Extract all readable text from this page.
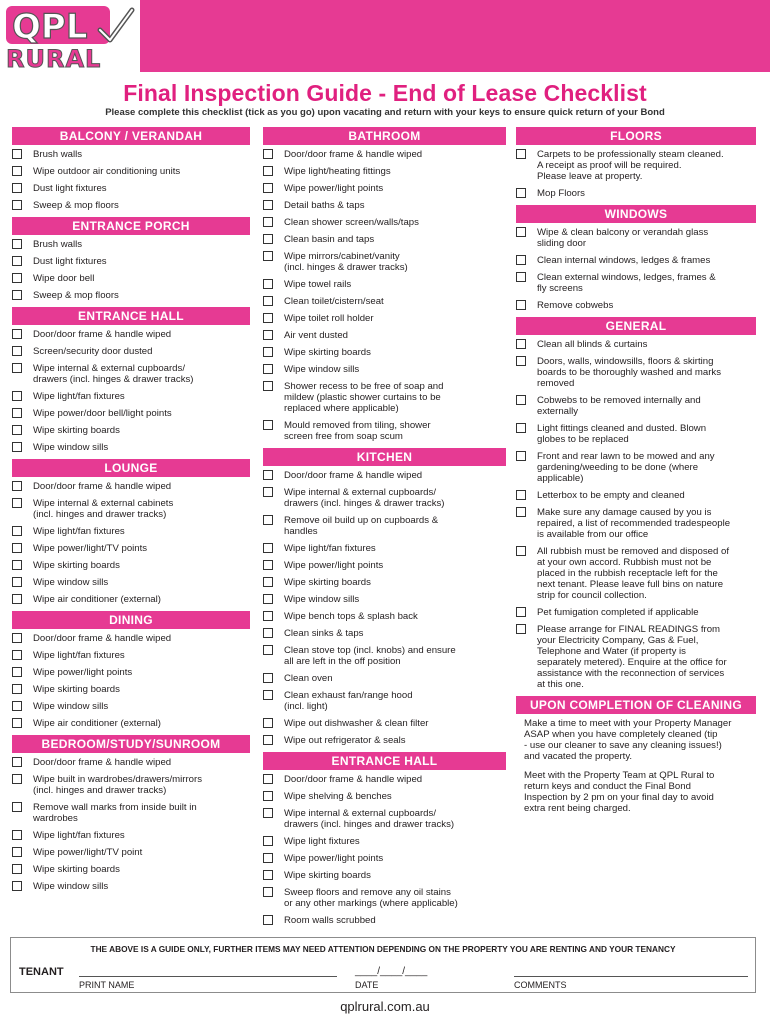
QPL
RURAL
Final Inspection Guide - End of Lease Checklist
Please complete this checklist (tick as you go) upon vacating and return with your keys to ensure quick return of your Bond
BALCONY / VERANDAH
Brush walls
Wipe outdoor air conditioning units
Dust light fixtures
Sweep & mop floors
ENTRANCE PORCH
Brush walls
Dust light fixtures
Wipe door bell
Sweep & mop floors
ENTRANCE HALL
Door/door frame & handle wiped
Screen/security door dusted
Wipe internal & external cupboards/
drawers (incl. hinges & drawer tracks)
Wipe light/fan fixtures
Wipe power/door bell/light points
Wipe skirting boards
Wipe window sills
LOUNGE
Door/door frame & handle wiped
Wipe internal & external cabinets
(incl. hinges and drawer tracks)
Wipe light/fan fixtures
Wipe power/light/TV points
Wipe skirting boards
Wipe window sills
Wipe air conditioner (external)
DINING
Door/door frame & handle wiped
Wipe light/fan fixtures
Wipe power/light points
Wipe skirting boards
Wipe window sills
Wipe air conditioner (external)
BEDROOM/STUDY/SUNROOM
Door/door frame & handle wiped
Wipe built in wardrobes/drawers/mirrors
(incl. hinges and drawer tracks)
Remove wall marks from inside built in
wardrobes
Wipe light/fan fixtures
Wipe power/light/TV point
Wipe skirting boards
Wipe window sills
BATHROOM
Door/door frame & handle wiped
Wipe light/heating fittings
Wipe power/light points
Detail baths & taps
Clean shower screen/walls/taps
Clean basin and taps
Wipe mirrors/cabinet/vanity
(incl. hinges & drawer tracks)
Wipe towel rails
Clean toilet/cistern/seat
Wipe toilet roll holder
Air vent dusted
Wipe skirting boards
Wipe window sills
Shower recess to be free of soap and
mildew (plastic shower curtains to be
replaced where applicable)
Mould removed from tiling, shower
screen free from soap scum
KITCHEN
Door/door frame & handle wiped
Wipe internal & external cupboards/
drawers (incl. hinges & drawer tracks)
Remove oil build up on cupboards &
handles
Wipe light/fan fixtures
Wipe power/light points
Wipe skirting boards
Wipe window sills
Wipe bench tops & splash back
Clean sinks & taps
Clean stove top (incl. knobs) and ensure
all are left in the off position
Clean oven
Clean exhaust fan/range hood
(incl. light)
Wipe out dishwasher & clean filter
Wipe out refrigerator & seals
ENTRANCE HALL
Door/door frame & handle wiped
Wipe shelving & benches
Wipe internal & external cupboards/
drawers (incl. hinges and drawer tracks)
Wipe light fixtures
Wipe power/light points
Wipe skirting boards
Sweep floors and remove any oil stains
or any other markings (where applicable)
Room walls scrubbed
FLOORS
Carpets to be professionally steam cleaned.
A receipt as proof will be required.
Please leave at property.
Mop Floors
WINDOWS
Wipe & clean balcony or verandah glass
sliding door
Clean internal windows, ledges & frames
Clean external windows, ledges, frames &
fly screens
Remove cobwebs
GENERAL
Clean all blinds & curtains
Doors, walls, windowsills, floors & skirting
boards to be thoroughly washed and marks
removed
Cobwebs to be removed internally and
externally
Light fittings cleaned and dusted. Blown
globes to be replaced
Front and rear lawn to be mowed and any
gardening/weeding to be done (where
applicable)
Letterbox to be empty and cleaned
Make sure any damage caused by you is
repaired, a list of recommended tradespeople
is available from our office
All rubbish must be removed and disposed of
at your own accord. Rubbish must not be
placed in the rubbish receptacle left for the
next tenant. Please leave full bins on nature
strip for council collection.
Pet fumigation completed if applicable
Please arrange for FINAL READINGS from
your Electricity Company, Gas & Fuel,
Telephone and Water (if property is
separately metered). Enquire at the office for
assistance with the reconnection of services
at this one.
UPON COMPLETION OF CLEANING
Make a time to meet with your Property Manager
ASAP when you have completely cleaned (tip
- use our cleaner to save any cleaning issues!)
and vacated the property.
Meet with the Property Team at QPL Rural to
return keys and conduct the Final Bond
Inspection by 2 pm on your final day to avoid
extra rent being charged.
THE ABOVE IS A GUIDE ONLY, FURTHER ITEMS MAY NEED ATTENTION DEPENDING ON THE PROPERTY YOU ARE RENTING AND YOUR TENANCY
TENANT
PRINT NAME
____/____/____
DATE	COMMENTS
qplrural.com.au
